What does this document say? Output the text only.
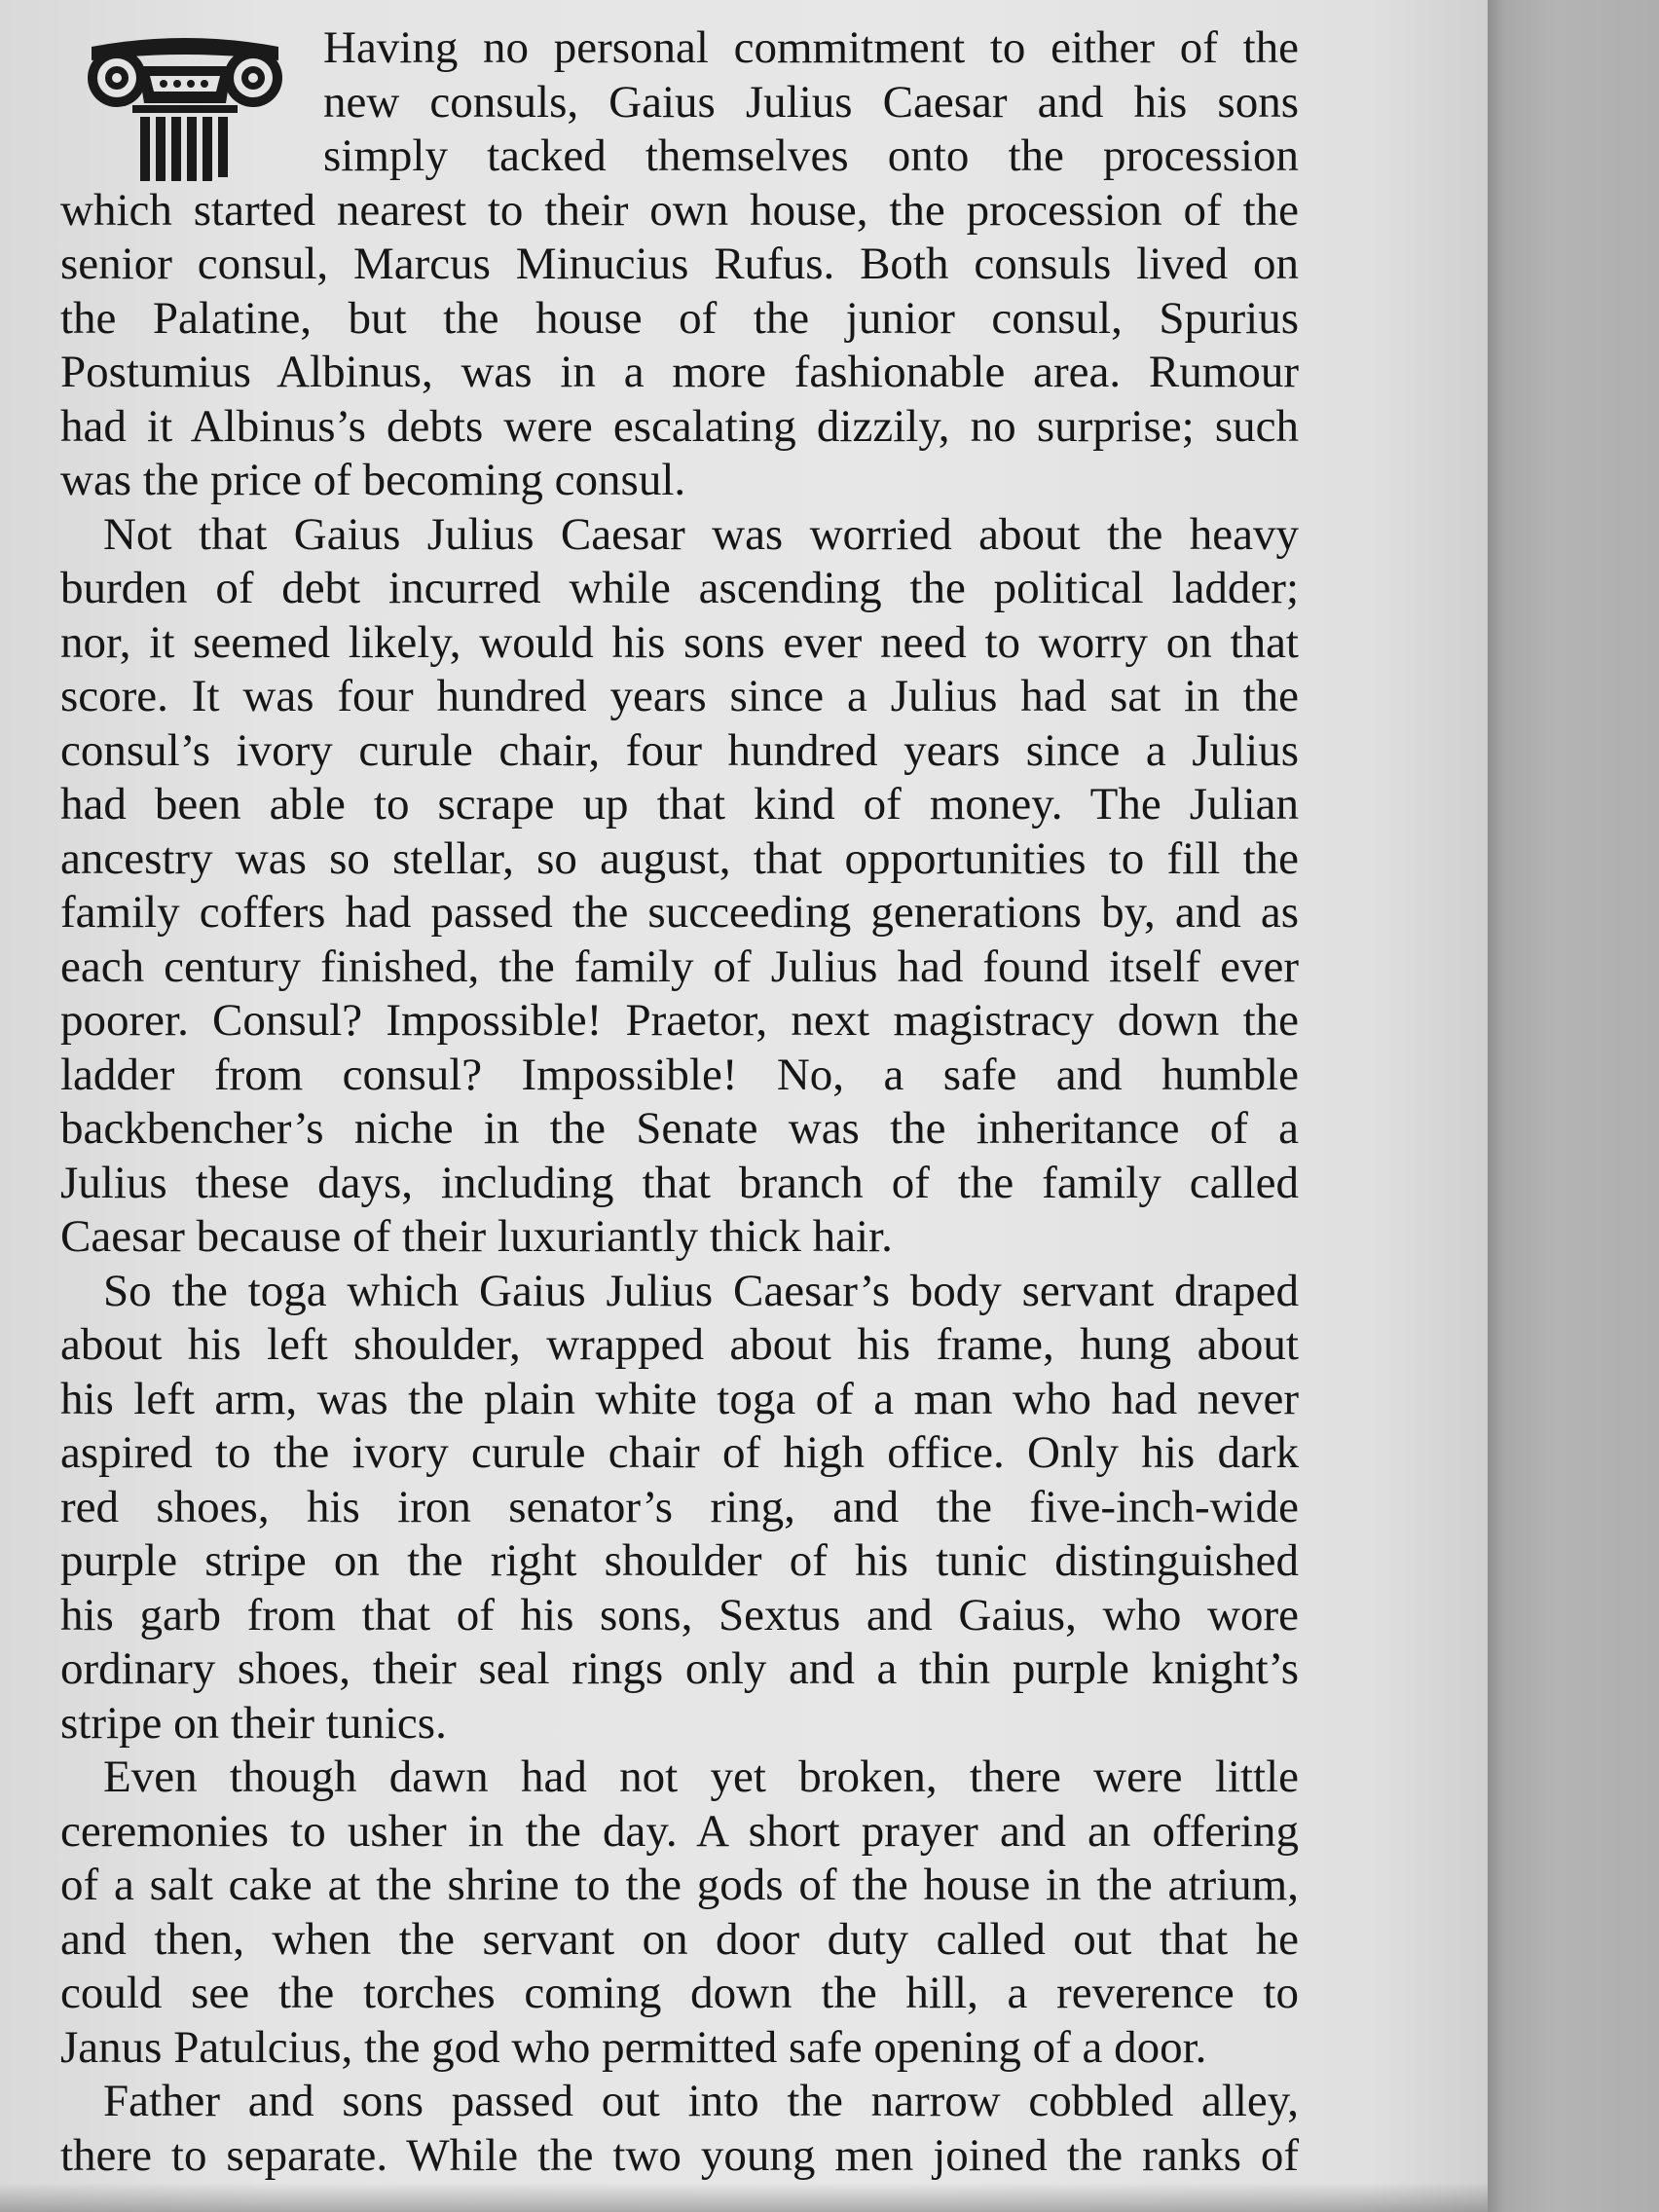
Having no personal commitment to either of the
new consuls, Gaius Julius Caesar and his sons
simply tacked themselves onto the procession
which started nearest to their own house, the procession of the
senior consul, Marcus Minucius Rufus. Both consuls lived on
the Palatine, but the house of the junior consul, Spurius
Postumius Albinus, was in a more fashionable area. Rumour
had it Albinus’s debts were escalating dizzily, no surprise; such
was the price of becoming consul.
Not that Gaius Julius Caesar was worried about the heavy
burden of debt incurred while ascending the political ladder;
nor, it seemed likely, would his sons ever need to worry on that
score. It was four hundred years since a Julius had sat in the
consul’s ivory curule chair, four hundred years since a Julius
had been able to scrape up that kind of money. The Julian
ancestry was so stellar, so august, that opportunities to fill the
family coffers had passed the succeeding generations by, and as
each century finished, the family of Julius had found itself ever
poorer. Consul? Impossible! Praetor, next magistracy down the
ladder from consul? Impossible! No, a safe and humble
backbencher’s niche in the Senate was the inheritance of a
Julius these days, including that branch of the family called
Caesar because of their luxuriantly thick hair.
So the toga which Gaius Julius Caesar’s body servant draped
about his left shoulder, wrapped about his frame, hung about
his left arm, was the plain white toga of a man who had never
aspired to the ivory curule chair of high office. Only his dark
red shoes, his iron senator’s ring, and the five-inch-wide
purple stripe on the right shoulder of his tunic distinguished
his garb from that of his sons, Sextus and Gaius, who wore
ordinary shoes, their seal rings only and a thin purple knight’s
stripe on their tunics.
Even though dawn had not yet broken, there were little
ceremonies to usher in the day. A short prayer and an offering
of a salt cake at the shrine to the gods of the house in the atrium,
and then, when the servant on door duty called out that he
could see the torches coming down the hill, a reverence to
Janus Patulcius, the god who permitted safe opening of a door.
Father and sons passed out into the narrow cobbled alley,
there to separate. While the two young men joined the ranks of
